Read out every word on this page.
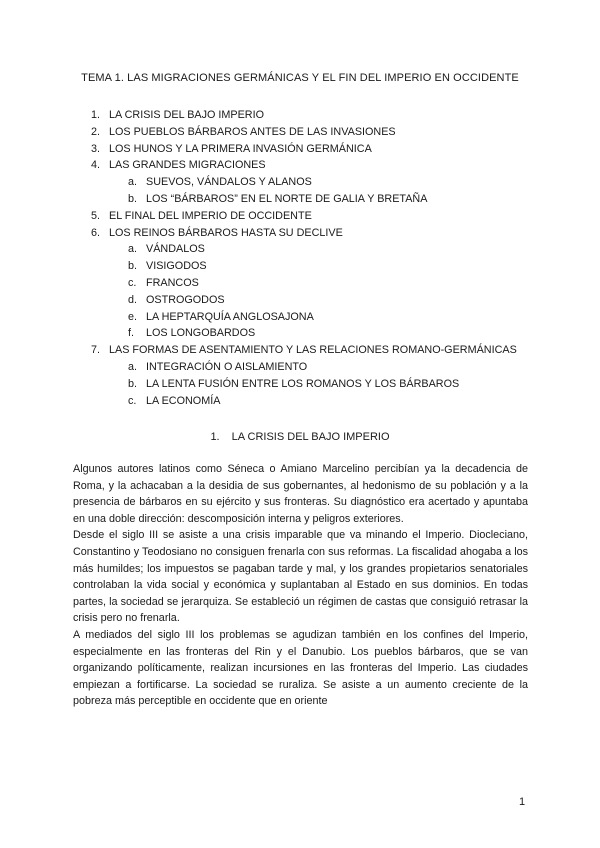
TEMA 1. LAS MIGRACIONES GERMÁNICAS Y EL FIN DEL IMPERIO EN OCCIDENTE
1. LA CRISIS DEL BAJO IMPERIO
2. LOS PUEBLOS BÁRBAROS ANTES DE LAS INVASIONES
3. LOS HUNOS Y LA PRIMERA INVASIÓN GERMÁNICA
4. LAS GRANDES MIGRACIONES
a. SUEVOS, VÁNDALOS Y ALANOS
b. LOS “BÁRBAROS” EN EL NORTE DE GALIA Y BRETAÑA
5. EL FINAL DEL IMPERIO DE OCCIDENTE
6. LOS REINOS BÁRBAROS HASTA SU DECLIVE
a. VÁNDALOS
b. VISIGODOS
c. FRANCOS
d. OSTROGODOS
e. LA HEPTARQUÍA ANGLOSAJONA
f. LOS LONGOBARDOS
7. LAS FORMAS DE ASENTAMIENTO Y LAS RELACIONES ROMANO-GERMÁNICAS
a. INTEGRACIÓN O AISLAMIENTO
b. LA LENTA FUSIÓN ENTRE LOS ROMANOS Y LOS BÁRBAROS
c. LA ECONOMÍA
1. LA CRISIS DEL BAJO IMPERIO

Algunos autores latinos como Séneca o Amiano Marcelino percibían ya la decadencia de Roma, y la achacaban a la desidia de sus gobernantes, al hedonismo de su población y a la presencia de bárbaros en su ejército y sus fronteras. Su diagnóstico era acertado y apuntaba en una doble dirección: descomposición interna y peligros exteriores.

Desde el siglo III se asiste a una crisis imparable que va minando el Imperio. Diocleciano, Constantino y Teodosiano no consiguen frenarla con sus reformas. La fiscalidad ahogaba a los más humildes; los impuestos se pagaban tarde y mal, y los grandes propietarios senatoriales controlaban la vida social y económica y suplantaban al Estado en sus dominios. En todas partes, la sociedad se jerarquiza. Se estableció un régimen de castas que consiguió retrasar la crisis pero no frenarla.

A mediados del siglo III los problemas se agudizan también en los confines del Imperio, especialmente en las fronteras del Rin y el Danubio. Los pueblos bárbaros, que se van organizando políticamente, realizan incursiones en las fronteras del Imperio. Las ciudades empiezan a fortificarse. La sociedad se ruraliza. Se asiste a un aumento creciente de la pobreza más perceptible en occidente que en oriente

1
